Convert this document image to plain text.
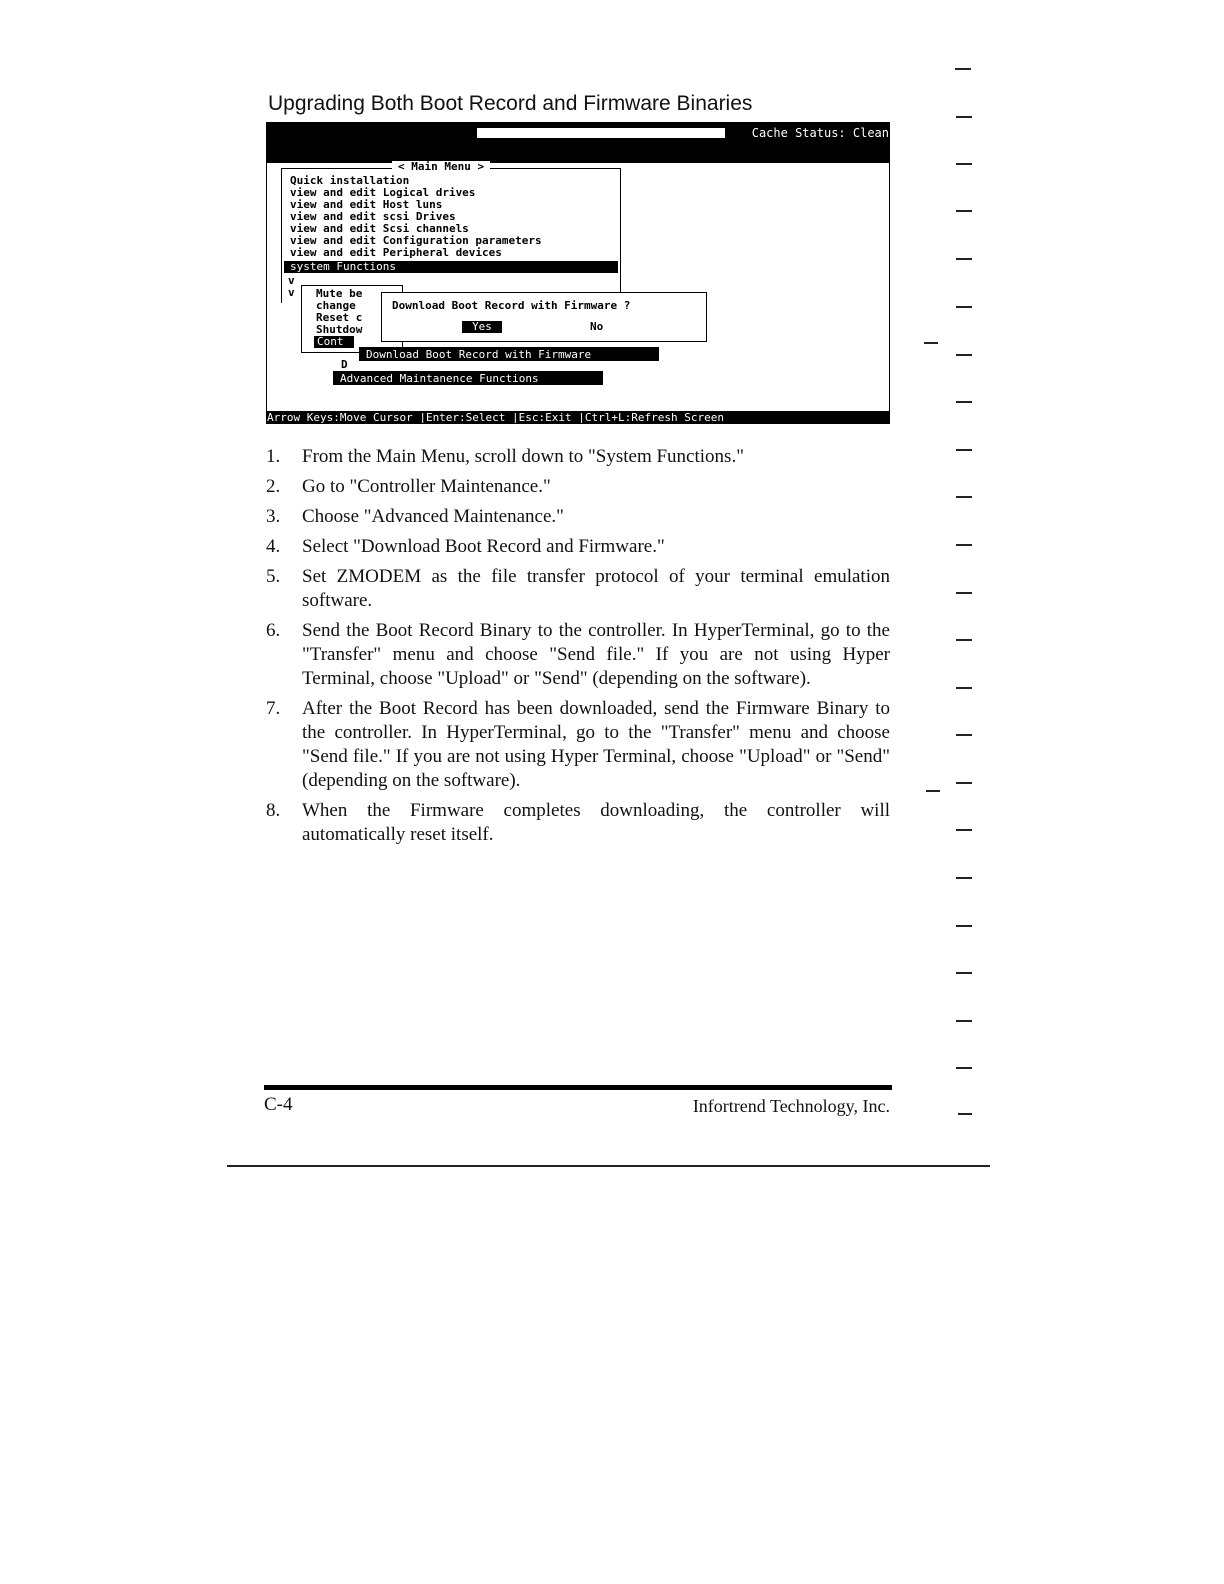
Upgrading Both Boot Record and Firmware Binaries
Cache Status: Clean
< Main Menu >
Quick installation
view and edit Logical drives
view and edit Host luns
view and edit scsi Drives
view and edit Scsi channels
view and edit Configuration parameters
view and edit Peripheral devices
system Functions
v
v Mute be
change
Reset c
Shutdow
Cont
Download Boot Record with Firmware ?
Yes	No
Download Boot Record with Firmware
D
Advanced Maintanence Functions
Arrow Keys:Move Cursor |Enter:Select |Esc:Exit |Ctrl+L:Refresh Screen
1. From the Main Menu, scroll down to "System Functions."
2. Go to "Controller Maintenance."
3. Choose "Advanced Maintenance."
4. Select "Download Boot Record and Firmware."
5. Set ZMODEM as the file transfer protocol of your terminal emulation software.
6. Send the Boot Record Binary to the controller. In HyperTerminal, go to the "Transfer" menu and choose "Send file." If you are not using Hyper Terminal, choose "Upload" or "Send" (depending on the software).
7. After the Boot Record has been downloaded, send the Firmware Binary to the controller. In HyperTerminal, go to the "Transfer" menu and choose "Send file." If you are not using Hyper Terminal, choose "Upload" or "Send" (depending on the software).
8. When the Firmware completes downloading, the controller will automatically reset itself.
C-4	Infortrend Technology, Inc.
